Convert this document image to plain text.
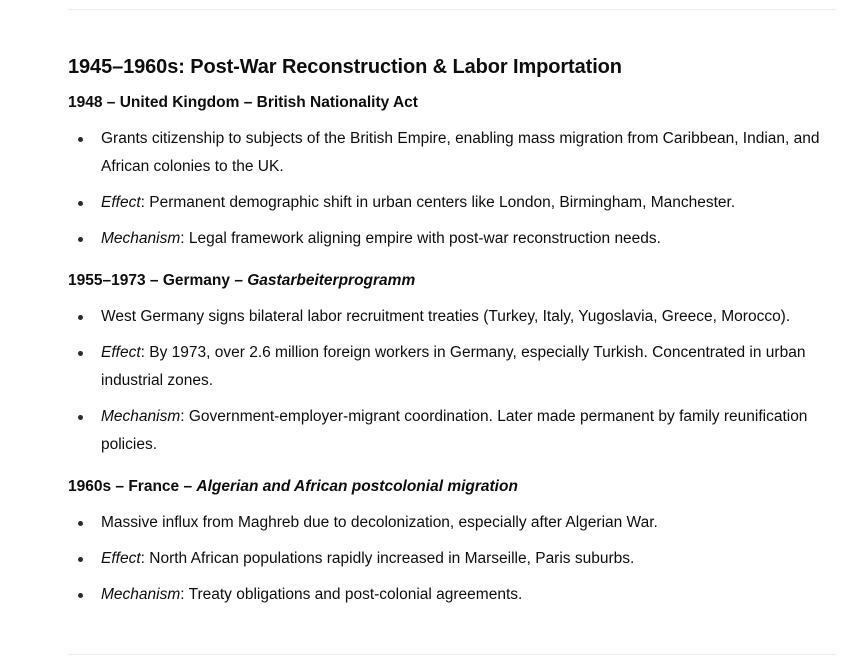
1945–1960s: Post-War Reconstruction & Labor Importation
1948 – United Kingdom – British Nationality Act
Grants citizenship to subjects of the British Empire, enabling mass migration from Caribbean, Indian, and African colonies to the UK.
Effect: Permanent demographic shift in urban centers like London, Birmingham, Manchester.
Mechanism: Legal framework aligning empire with post-war reconstruction needs.
1955–1973 – Germany – Gastarbeiterprogramm
West Germany signs bilateral labor recruitment treaties (Turkey, Italy, Yugoslavia, Greece, Morocco).
Effect: By 1973, over 2.6 million foreign workers in Germany, especially Turkish. Concentrated in urban industrial zones.
Mechanism: Government-employer-migrant coordination. Later made permanent by family reunification policies.
1960s – France – Algerian and African postcolonial migration
Massive influx from Maghreb due to decolonization, especially after Algerian War.
Effect: North African populations rapidly increased in Marseille, Paris suburbs.
Mechanism: Treaty obligations and post-colonial agreements.
